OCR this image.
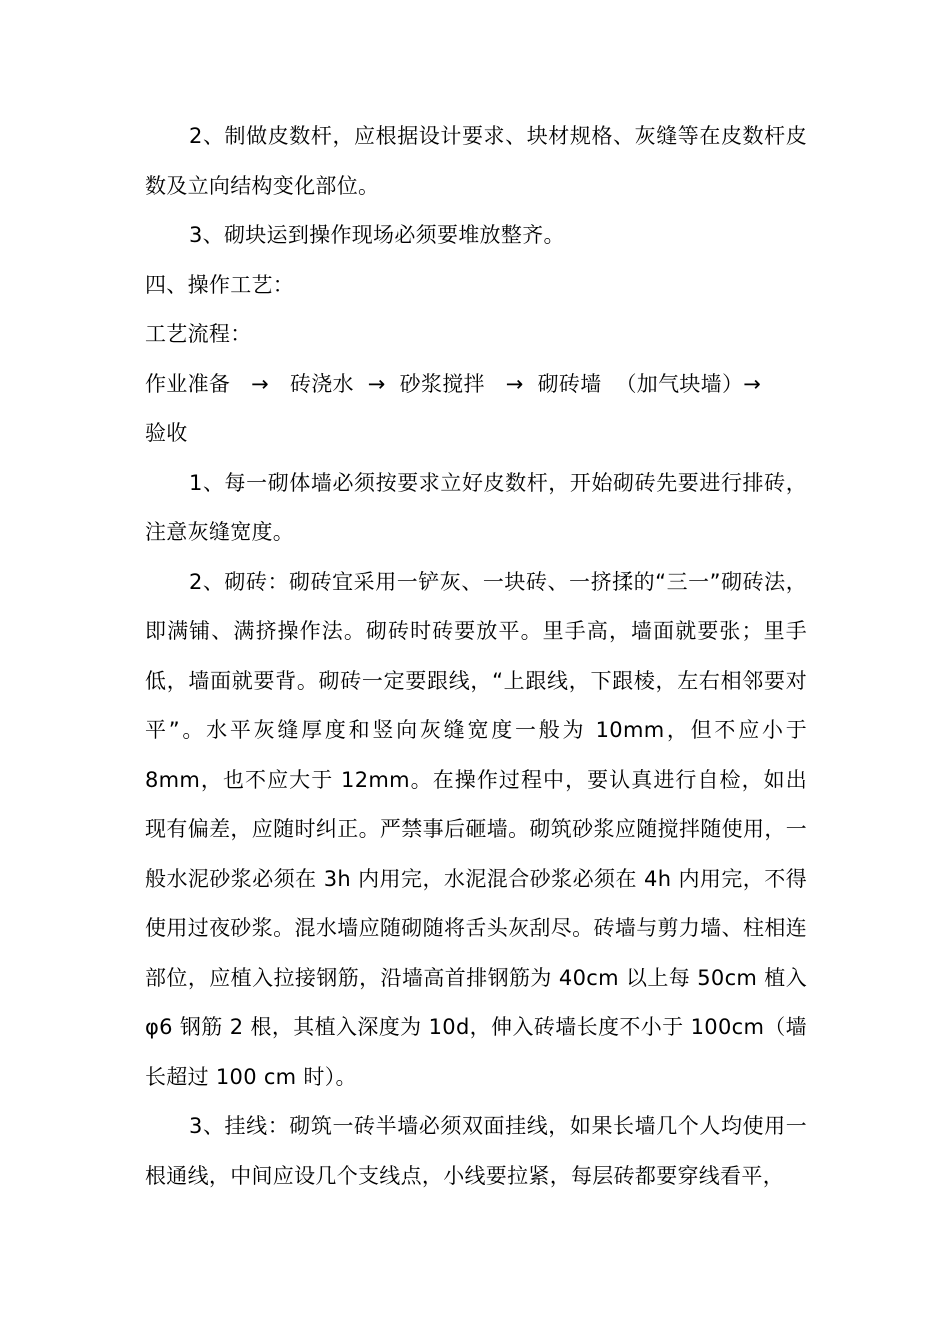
2、制做皮数杆，应根据设计要求、块材规格、灰缝等在皮数杆皮数及立向结构变化部位。

3、砌块运到操作现场必须要堆放整齐。

四、操作工艺：

工艺流程：

作业准备   →   砖浇水  →  砂浆搅拌   →  砌砖墙  （加气块墙）→

验收

1、每一砌体墙必须按要求立好皮数杆，开始砌砖先要进行排砖，注意灰缝宽度。

2、砌砖：砌砖宜采用一铲灰、一块砖、一挤揉的“三一”砌砖法，即满铺、满挤操作法。砌砖时砖要放平。里手高，墙面就要张；里手低，墙面就要背。砌砖一定要跟线，“上跟线，下跟棱，左右相邻要对平”。水平灰缝厚度和竖向灰缝宽度一般为 10mm，但不应小于 8mm，也不应大于 12mm。在操作过程中，要认真进行自检，如出现有偏差，应随时纠正。严禁事后砸墙。砌筑砂浆应随搅拌随使用，一般水泥砂浆必须在 3h 内用完，水泥混合砂浆必须在 4h 内用完，不得使用过夜砂浆。混水墙应随砌随将舌头灰刮尽。砖墙与剪力墙、柱相连部位，应植入拉接钢筋，沿墙高首排钢筋为 40cm 以上每 50cm 植入φ6 钢筋 2 根，其植入深度为 10d，伸入砖墙长度不小于 100cm（墙长超过 100 cm 时）。

3、挂线：砌筑一砖半墙必须双面挂线，如果长墙几个人均使用一根通线，中间应设几个支线点，小线要拉紧，每层砖都要穿线看平，
